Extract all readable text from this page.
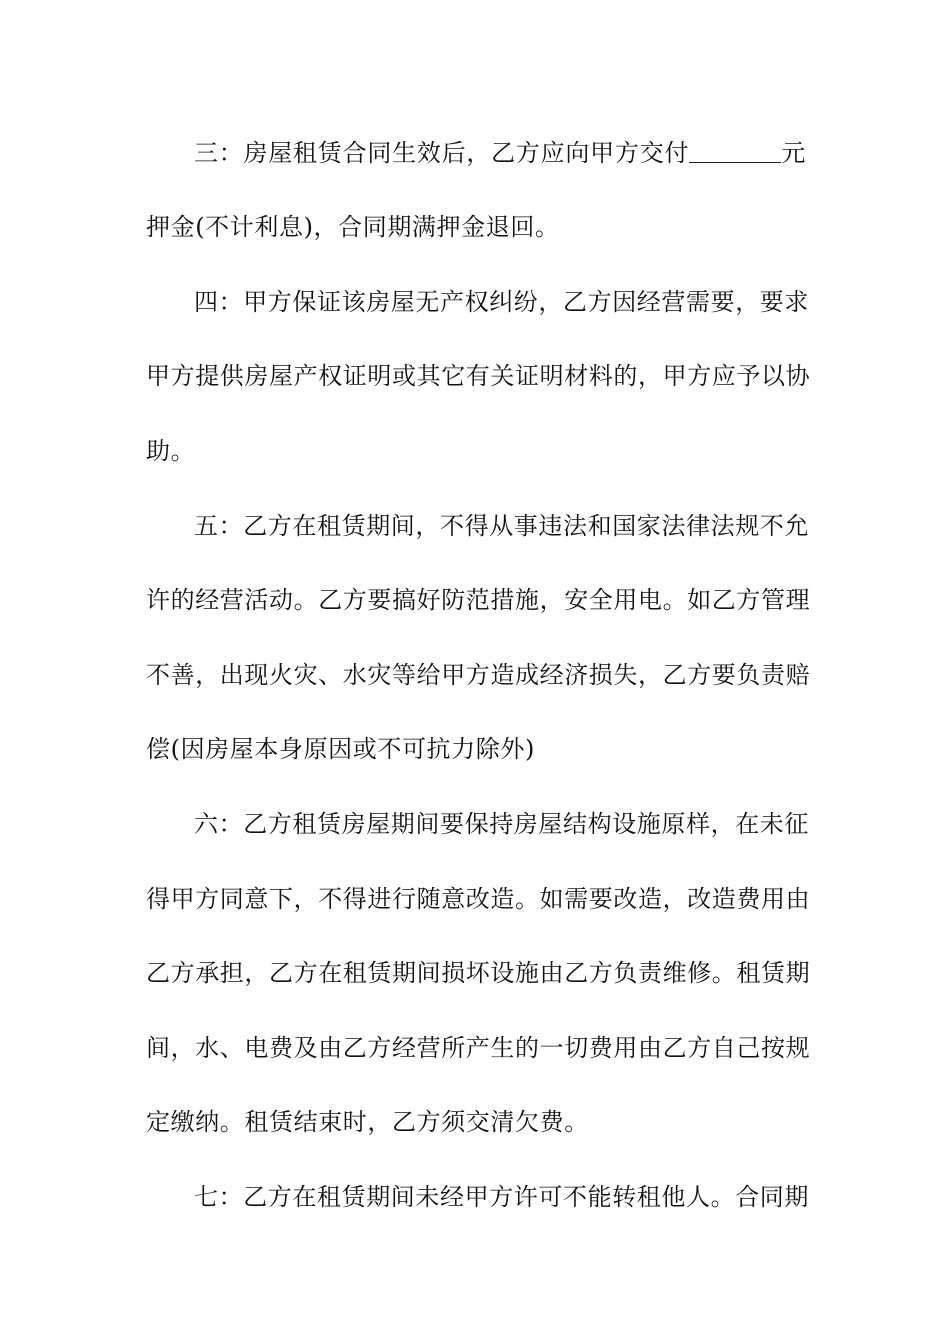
三：房屋租赁合同生效后，乙方应向甲方交付	元
押金(不计利息)，合同期满押金退回。
四：甲方保证该房屋无产权纠纷，乙方因经营需要，要求
甲方提供房屋产权证明或其它有关证明材料的，甲方应予以协
助。
五：乙方在租赁期间，不得从事违法和国家法律法规不允
许的经营活动。乙方要搞好防范措施，安全用电。如乙方管理
不善，出现火灾、水灾等给甲方造成经济损失，乙方要负责赔
偿(因房屋本身原因或不可抗力除外)
六：乙方租赁房屋期间要保持房屋结构设施原样，在未征
得甲方同意下，不得进行随意改造。如需要改造，改造费用由
乙方承担，乙方在租赁期间损坏设施由乙方负责维修。租赁期
间，水、电费及由乙方经营所产生的一切费用由乙方自己按规
定缴纳。租赁结束时，乙方须交清欠费。
七：乙方在租赁期间未经甲方许可不能转租他人。合同期
